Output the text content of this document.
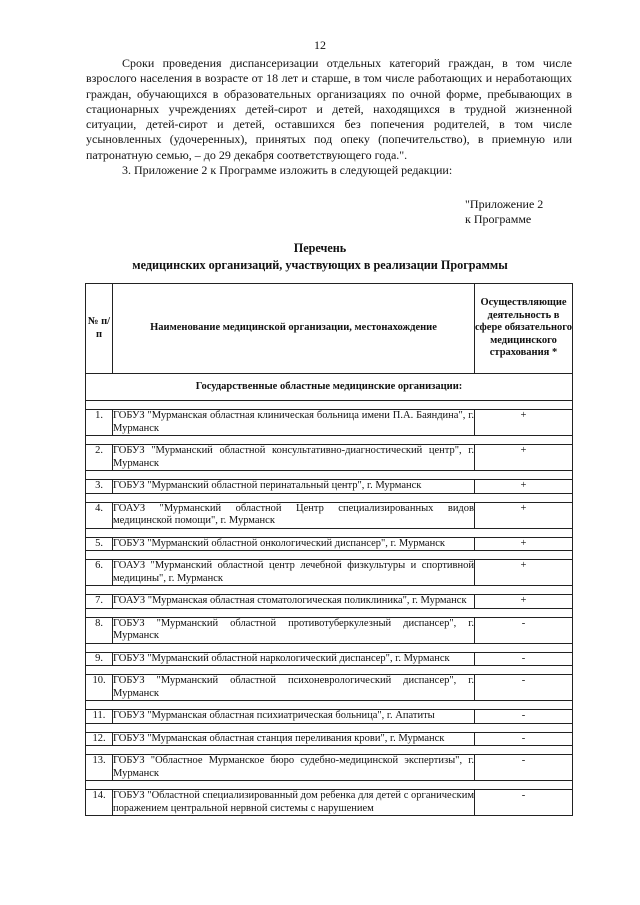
12

Сроки проведения диспансеризации отдельных категорий граждан, в том числе взрослого населения в возрасте от 18 лет и старше, в том числе работающих и неработающих граждан, обучающихся в образовательных организациях по очной форме, пребывающих в стационарных учреждениях детей-сирот и детей, находящихся в трудной жизненной ситуации, детей-сирот и детей, оставшихся без попечения родителей, в том числе усыновленных (удочеренных), принятых под опеку (попечительство), в приемную или патронатную семью, – до 29 декабря соответствующего года.".

3. Приложение 2 к Программе изложить в следующей редакции:

"Приложение 2
к Программе
Перечень
медицинских организаций, участвующих в реализации Программы
№ п/п	Наименование медицинской организации, местонахождение	Осуществляющие деятельность в сфере обязательного медицинского страхования *
Государственные областные медицинские организации:		

1.	ГОБУЗ "Мурманская областная клиническая больница имени П.А. Баяндина", г. Мурманск	+

2.	ГОБУЗ "Мурманский областной консультативно-диагностический центр", г. Мурманск	+

3.	ГОБУЗ "Мурманский областной перинатальный центр", г. Мурманск	+

4.	ГОАУЗ "Мурманский областной Центр специализированных видов медицинской помощи", г. Мурманск	+

5.	ГОБУЗ "Мурманский областной онкологический диспансер", г. Мурманск	+

6.	ГОАУЗ "Мурманский областной центр лечебной физкультуры и спортивной медицины", г. Мурманск	+

7.	ГОАУЗ "Мурманская областная стоматологическая поликлиника", г. Мурманск	+

8.	ГОБУЗ "Мурманский областной противотуберкулезный диспансер", г. Мурманск	-

9.	ГОБУЗ "Мурманский областной наркологический диспансер", г. Мурманск	-

10.	ГОБУЗ "Мурманский областной психоневрологический диспансер", г. Мурманск	-

11.	ГОБУЗ "Мурманская областная психиатрическая больница", г. Апатиты	-

12.	ГОБУЗ "Мурманская областная станция переливания крови", г. Мурманск	-

13.	ГОБУЗ "Областное Мурманское бюро судебно-медицинской экспертизы", г. Мурманск	-

14.	ГОБУЗ "Областной специализированный дом ребенка для детей с органическим поражением центральной нервной системы с нарушением	-
